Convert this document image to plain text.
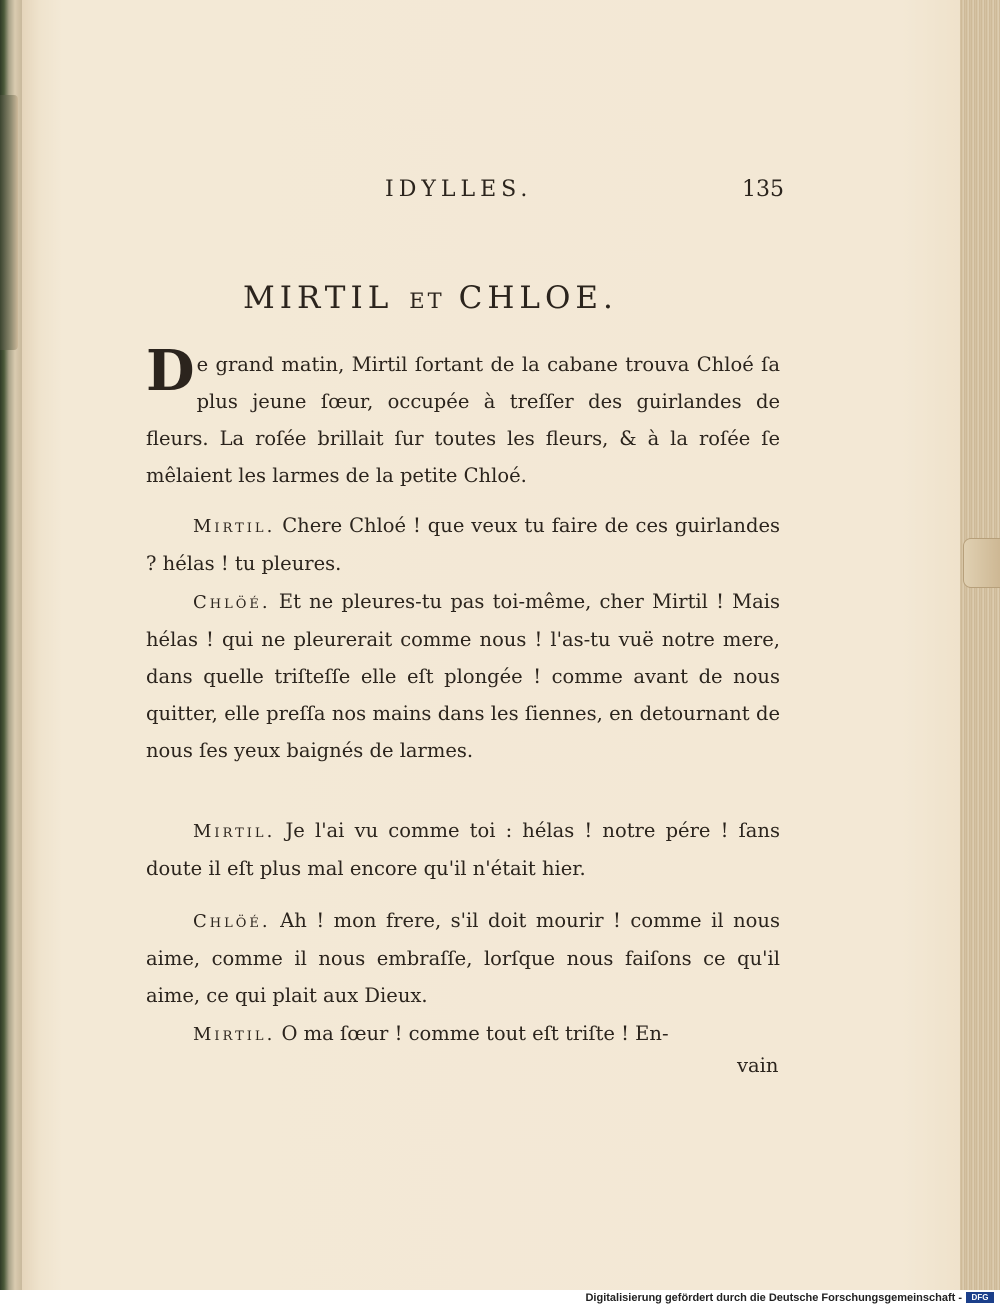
IDYLLES.	135
MIRTIL ET CHLOE.

De grand matin, Mirtil ſortant de la cabane trouva Chloé ſa plus jeune ſœur, occupée à treſſer des guirlandes de fleurs. La roſée brillait ſur toutes les fleurs, & à la roſée ſe mêlaient les larmes de la petite Chloé.

Mirtil. Chere Chloé ! que veux tu faire de ces guirlandes ? hélas ! tu pleures.

Chlöé. Et ne pleures-tu pas toi-même, cher Mirtil ! Mais hélas ! qui ne pleurerait comme nous ! l'as-tu vuë notre mere, dans quelle triſteſſe elle eſt plongée ! comme avant de nous quitter, elle preſſa nos mains dans les ſiennes, en detournant de nous ſes yeux baignés de larmes.

Mirtil. Je l'ai vu comme toi : hélas ! notre pére ! ſans doute il eſt plus mal encore qu'il n'était hier.

Chlöé. Ah ! mon frere, s'il doit mourir ! comme il nous aime, comme il nous embraſſe, lorſque nous faiſons ce qu'il aime, ce qui plait aux Dieux.

Mirtil. O ma ſœur ! comme tout eſt triſte ! En-

vain
Digitalisierung gefördert durch die Deutsche Forschungsgemeinschaft -	DFG
